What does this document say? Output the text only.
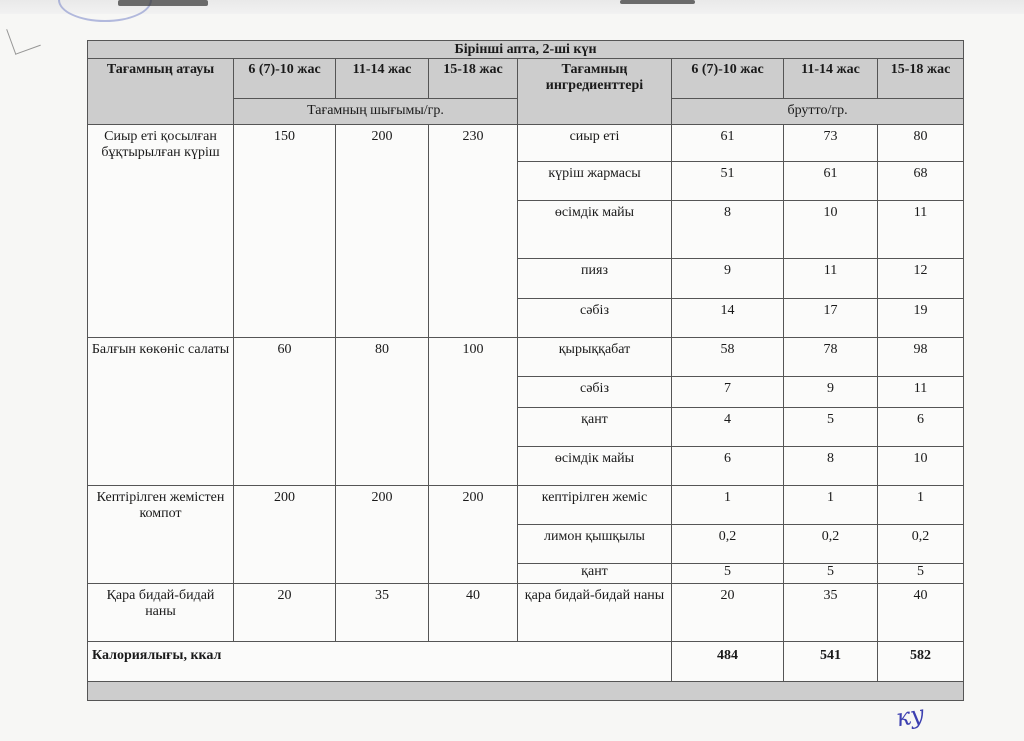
Бірінші апта, 2-ші күн							
Тағамның атауы	6 (7)-10 жас	11-14 жас	15-18 жас	Тағамның ингредиенттері	6 (7)-10 жас	11-14 жас	15-18 жас
	Тағамның шығымы/гр.				брутто/гр.		
Сиыр еті қосылған бұқтырылған күріш	150	200	230	сиыр еті	61	73	80
				күріш жармасы	51	61	68
				өсімдік майы	8	10	11
				пияз	9	11	12
				сәбіз	14	17	19
Балғын көкөніс салаты	60	80	100	қырыққабат	58	78	98
				сәбіз	7	9	11
				қант	4	5	6
				өсімдік майы	6	8	10
Кептірілген жемістен компот	200	200	200	кептірілген жеміс	1	1	1
				лимон қышқылы	0,2	0,2	0,2
				қант	5	5	5
Қара бидай-бидай наны	20	35	40	қара бидай-бидай наны	20	35	40
Калориялығы, ккал					484	541	582

ку
